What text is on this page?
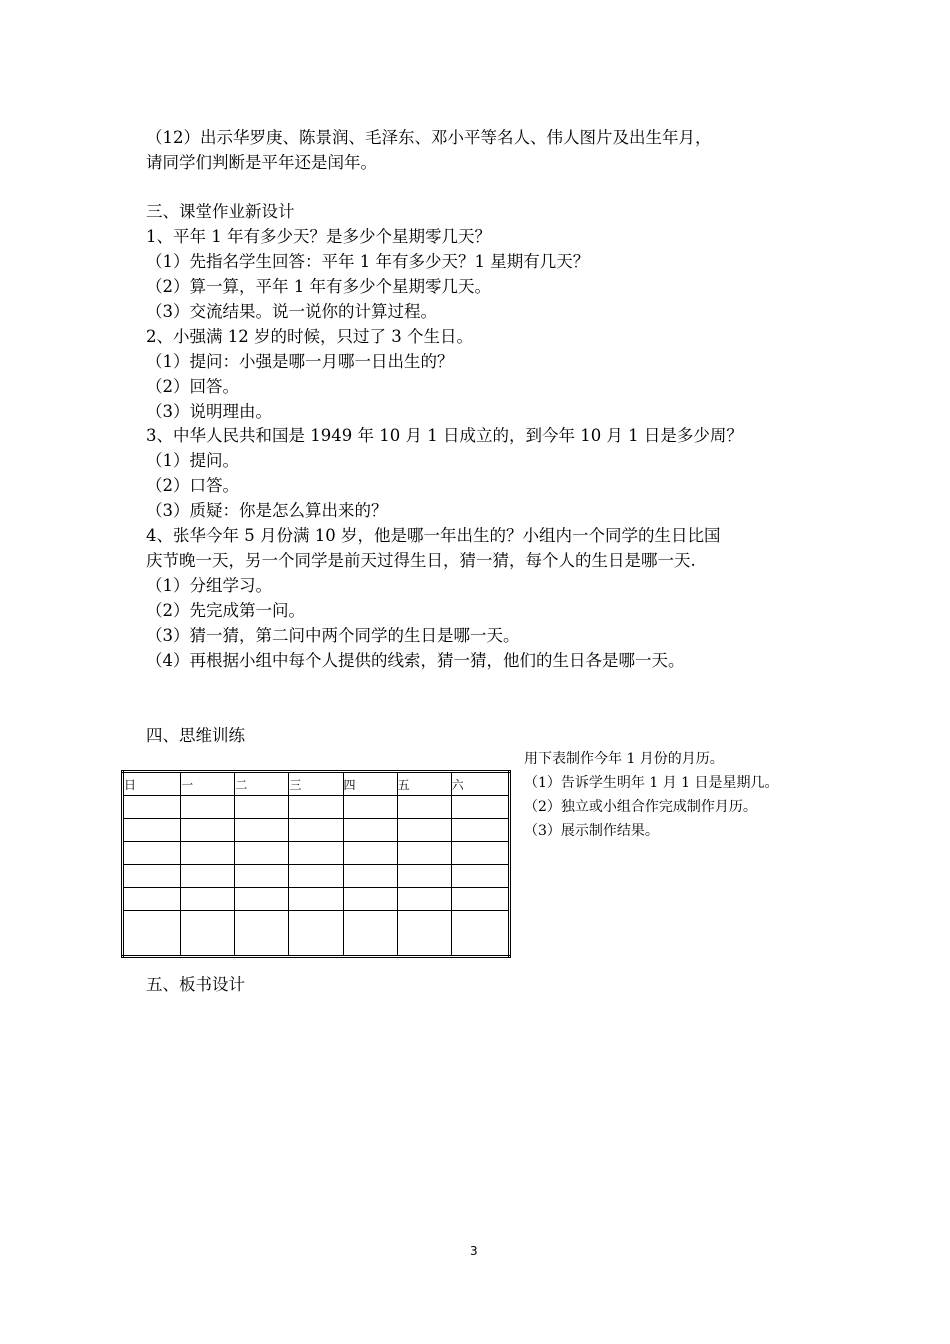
（12）出示华罗庚、陈景润、毛泽东、邓小平等名人、伟人图片及出生年月，
请同学们判断是平年还是闰年。
三、课堂作业新设计
1、平年 1 年有多少天？是多少个星期零几天？
（1）先指名学生回答：平年 1 年有多少天？1 星期有几天？
（2）算一算，平年 1 年有多少个星期零几天。
（3）交流结果。说一说你的计算过程。
2、小强满 12 岁的时候，只过了 3 个生日。
（1）提问：小强是哪一月哪一日出生的？
（2）回答。
（3）说明理由。
3、中华人民共和国是 1949 年 10 月 1 日成立的，到今年 10 月 1 日是多少周？
（1）提问。
（2）口答。
（3）质疑：你是怎么算出来的？
4、张华今年 5 月份满 10 岁，他是哪一年出生的？小组内一个同学的生日比国
庆节晚一天，另一个同学是前天过得生日，猜一猜，每个人的生日是哪一天.
（1）分组学习。
（2）先完成第一问。
（3）猜一猜，第二问中两个同学的生日是哪一天。
（4）再根据小组中每个人提供的线索，猜一猜，他们的生日各是哪一天。
四、思维训练
日	一	二	三	四	五	六

用下表制作今年 1 月份的月历。
（1）告诉学生明年 1 月 1 日是星期几。
（2）独立或小组合作完成制作月历。
（3）展示制作结果。
五、板书设计
3
